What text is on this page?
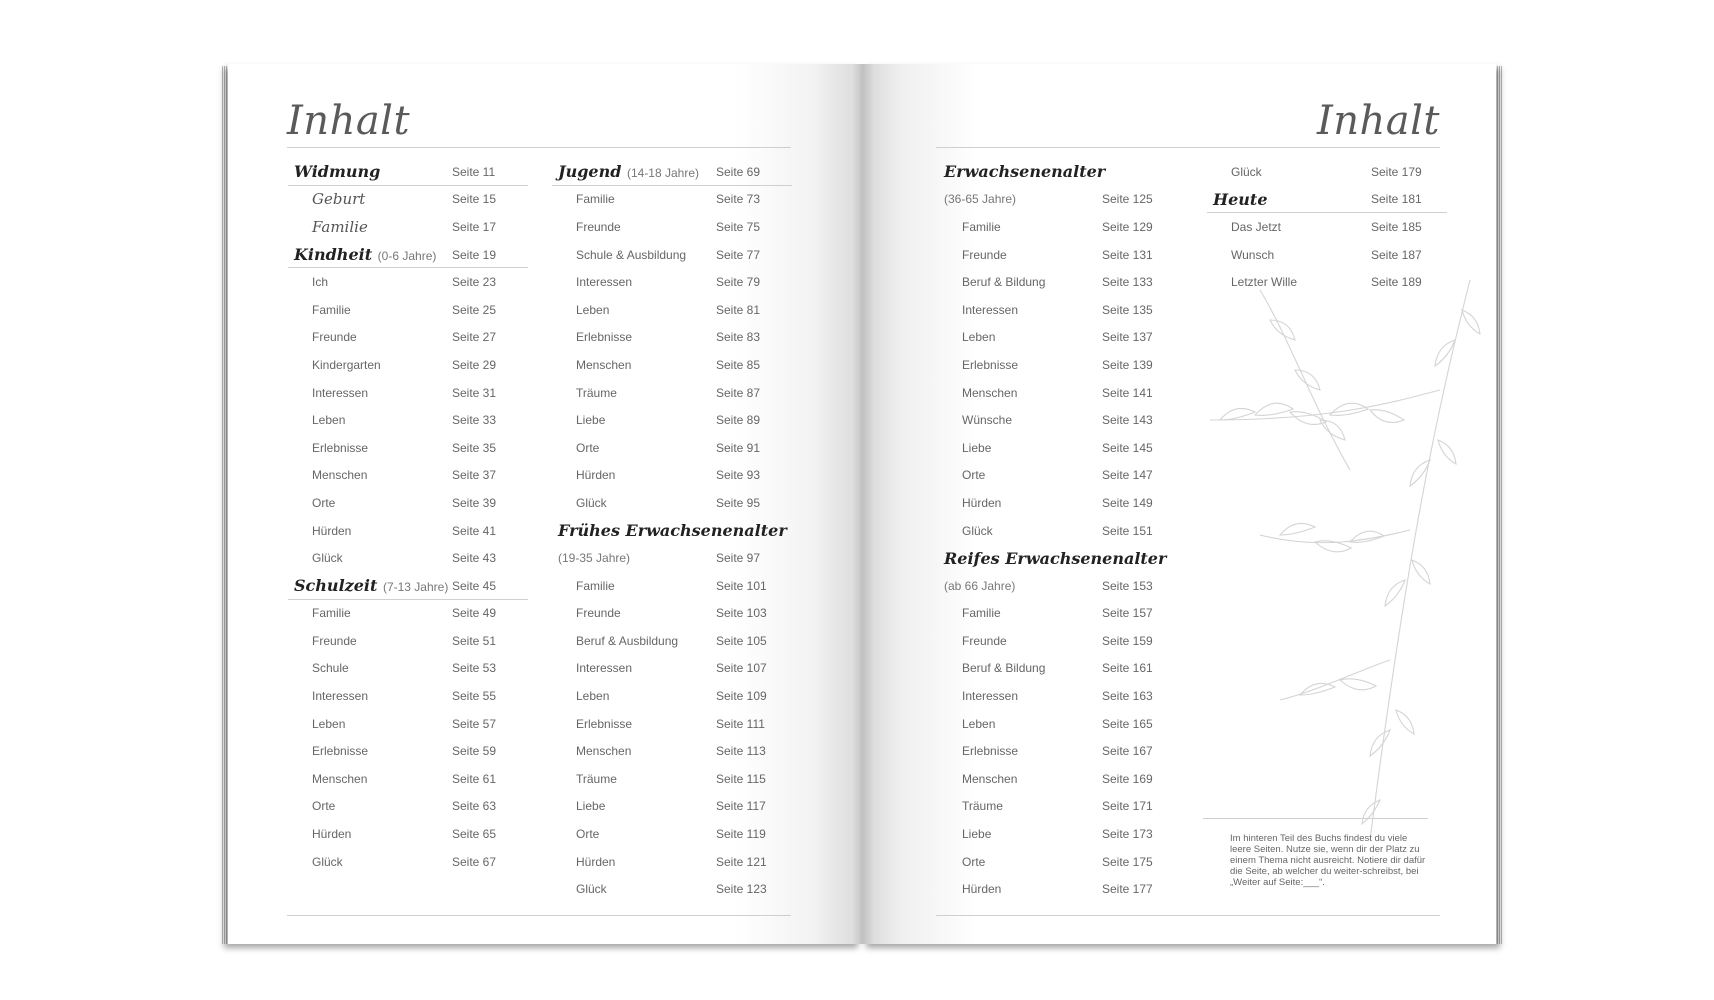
Inhalt	Inhalt
Widmung	Seite 11
Geburt	Seite 15
Familie	Seite 17
Kindheit (0-6 Jahre) Seite 19
Ich	Seite 23
Familie	Seite 25
Freunde	Seite 27
Kindergarten	Seite 29
Interessen	Seite 31
Leben	Seite 33
Erlebnisse	Seite 35
Menschen	Seite 37
Orte	Seite 39
Hürden	Seite 41
Glück	Seite 43
Schulzeit (7-13 Jahre) Seite 45
Familie	Seite 49
Freunde	Seite 51
Schule	Seite 53
Interessen	Seite 55
Leben	Seite 57
Erlebnisse	Seite 59
Menschen	Seite 61
Orte	Seite 63
Hürden	Seite 65
Glück	Seite 67
Jugend (14-18 Jahre) Seite 69
Familie	Seite 73
Freunde	Seite 75
Schule & Ausbildung Seite 77
Interessen	Seite 79
Leben	Seite 81
Erlebnisse	Seite 83
Menschen	Seite 85
Träume	Seite 87
Liebe	Seite 89
Orte	Seite 91
Hürden	Seite 93
Glück	Seite 95
Frühes Erwachsenenalter
(19-35 Jahre)	Seite 97
Familie	Seite 101
Freunde	Seite 103
Beruf & Ausbildung	Seite 105
Interessen	Seite 107
Leben	Seite 109
Erlebnisse	Seite 111
Menschen	Seite 113
Träume	Seite 115
Liebe	Seite 117
Orte	Seite 119
Hürden	Seite 121
Glück	Seite 123
Erwachsenenalter
(36-65 Jahre)	Seite 125
Familie	Seite 129
Freunde	Seite 131
Beruf & Bildung	Seite 133
Interessen	Seite 135
Leben	Seite 137
Erlebnisse	Seite 139
Menschen	Seite 141
Wünsche	Seite 143
Liebe	Seite 145
Orte	Seite 147
Hürden	Seite 149
Glück	Seite 151
Reifes Erwachsenenalter
(ab 66 Jahre)	Seite 153
Familie	Seite 157
Freunde	Seite 159
Beruf & Bildung	Seite 161
Interessen	Seite 163
Leben	Seite 165
Erlebnisse	Seite 167
Menschen	Seite 169
Träume	Seite 171
Liebe	Seite 173
Orte	Seite 175
Hürden	Seite 177
Glück	Seite 179
Heute	Seite 181
Das Jetzt	Seite 185
Wunsch	Seite 187
Letzter Wille	Seite 189
Im hinteren Teil des Buchs findest du viele leere Seiten. Nutze sie, wenn dir der Platz zu einem Thema nicht ausreicht. Notiere dir dafür die Seite, ab welcher du weiter-schreibst, bei „Weiter auf Seite:___“.
